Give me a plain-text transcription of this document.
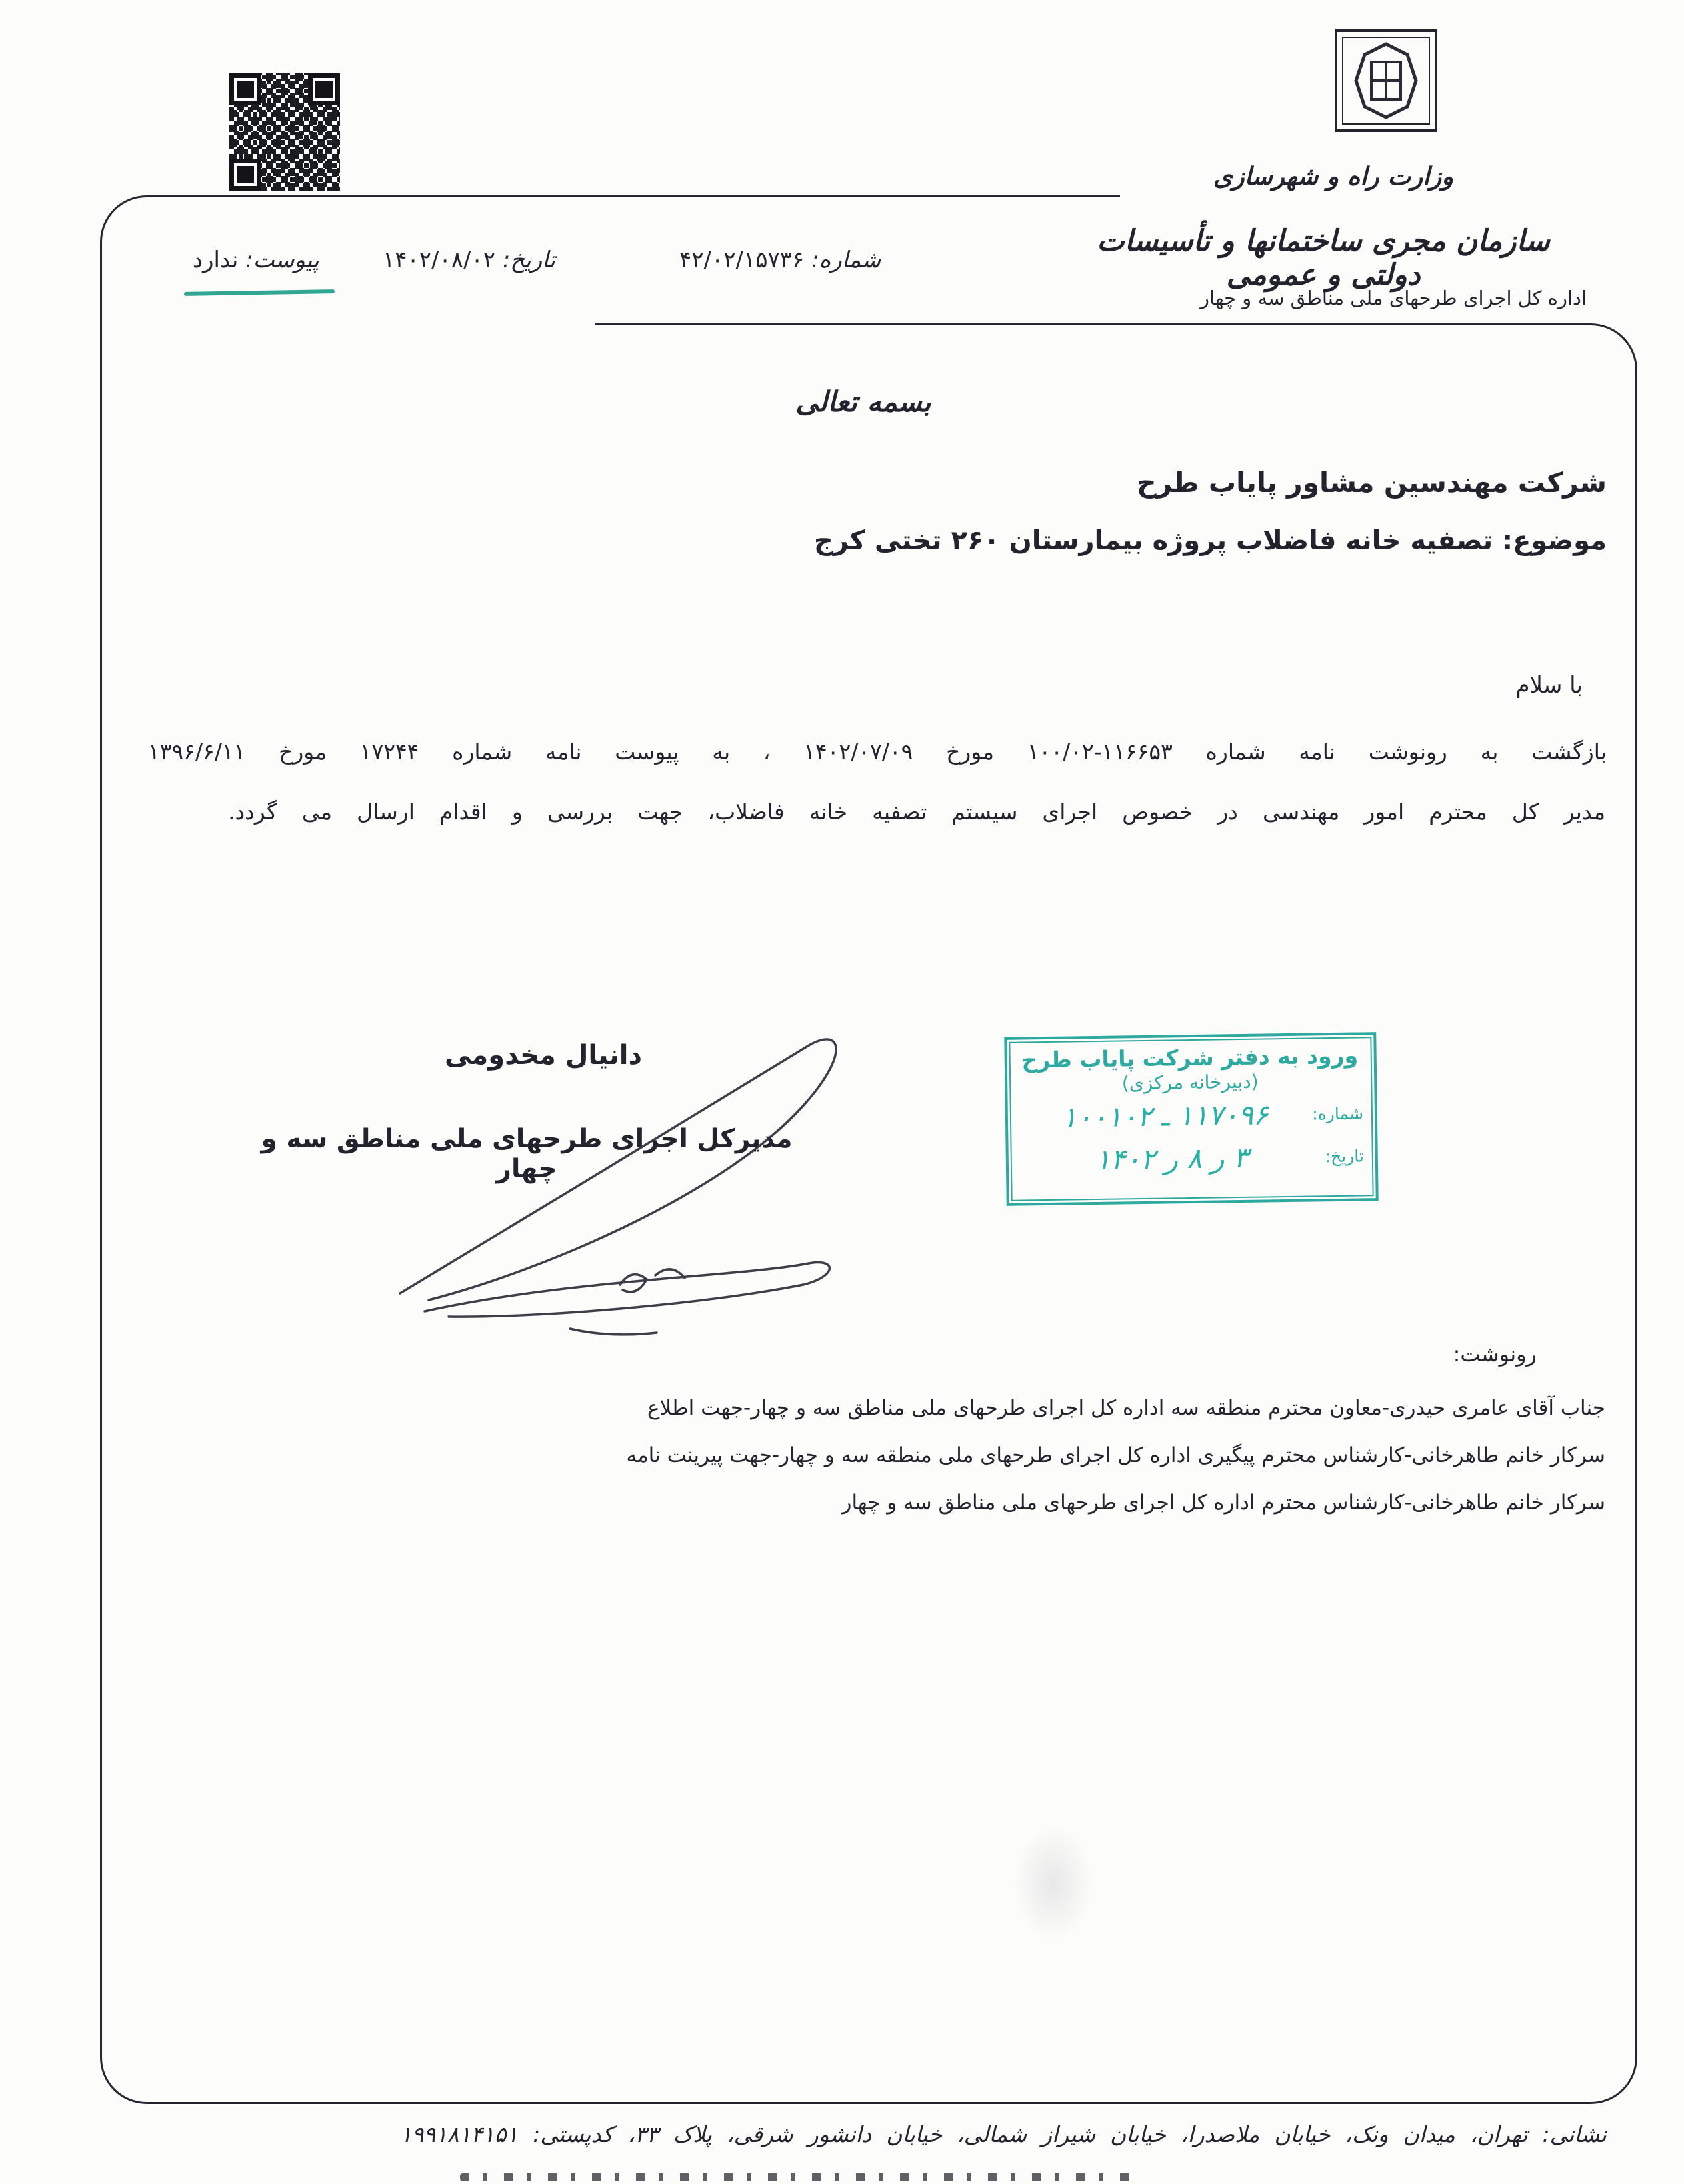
وزارت راه و شهرسازی
سازمان مجری ساختمانها و تأسیسات دولتی و عمومی
اداره کل اجرای طرحهای ملی مناطق سه و چهار
شماره: ۴۲/۰۲/۱۵۷۳۶
تاریخ: ۱۴۰۲/۰۸/۰۲
پیوست: ندارد
بسمه تعالی
شرکت مهندسین مشاور پایاب طرح
موضوع: تصفیه خانه فاضلاب پروژه بیمارستان ۲۶۰ تختی کرج
با سلام
بازگشت به رونوشت نامه شماره ۱۱۶۶۵۳-۱۰۰/۰۲ مورخ ۱۴۰۲/۰۷/۰۹ ، به پیوست نامه شماره ۱۷۲۴۴ مورخ ۱۳۹۶/۶/۱۱
مدیر کل محترم امور مهندسی در خصوص اجرای سیستم تصفیه خانه فاضلاب، جهت بررسی و اقدام ارسال می گردد.
دانیال مخدومی
مدیرکل اجرای طرحهای ملی مناطق سه و چهار
ورود به دفتر شرکت پایاب طرح
(دبیرخانه مرکزی)
شماره:
۱۱۷۰۹۶ ـ ۱۰۰۱۰۲
تاریخ:
۳ ر ۸ ر ۱۴۰۲
رونوشت:
جناب آقای عامری حیدری-معاون محترم منطقه سه اداره کل اجرای طرحهای ملی مناطق سه و چهار-جهت اطلاع
سرکار خانم طاهرخانی-کارشناس محترم پیگیری اداره کل اجرای طرحهای ملی منطقه سه و چهار-جهت پیرینت نامه
سرکار خانم طاهرخانی-کارشناس محترم اداره کل اجرای طرحهای ملی مناطق سه و چهار
نشانی: تهران، میدان ونک، خیابان ملاصدرا، خیابان شیراز شمالی، خیابان دانشور شرقی، پلاک ۳۳، کدپستی: ۱۹۹۱۸۱۴۱۵۱
